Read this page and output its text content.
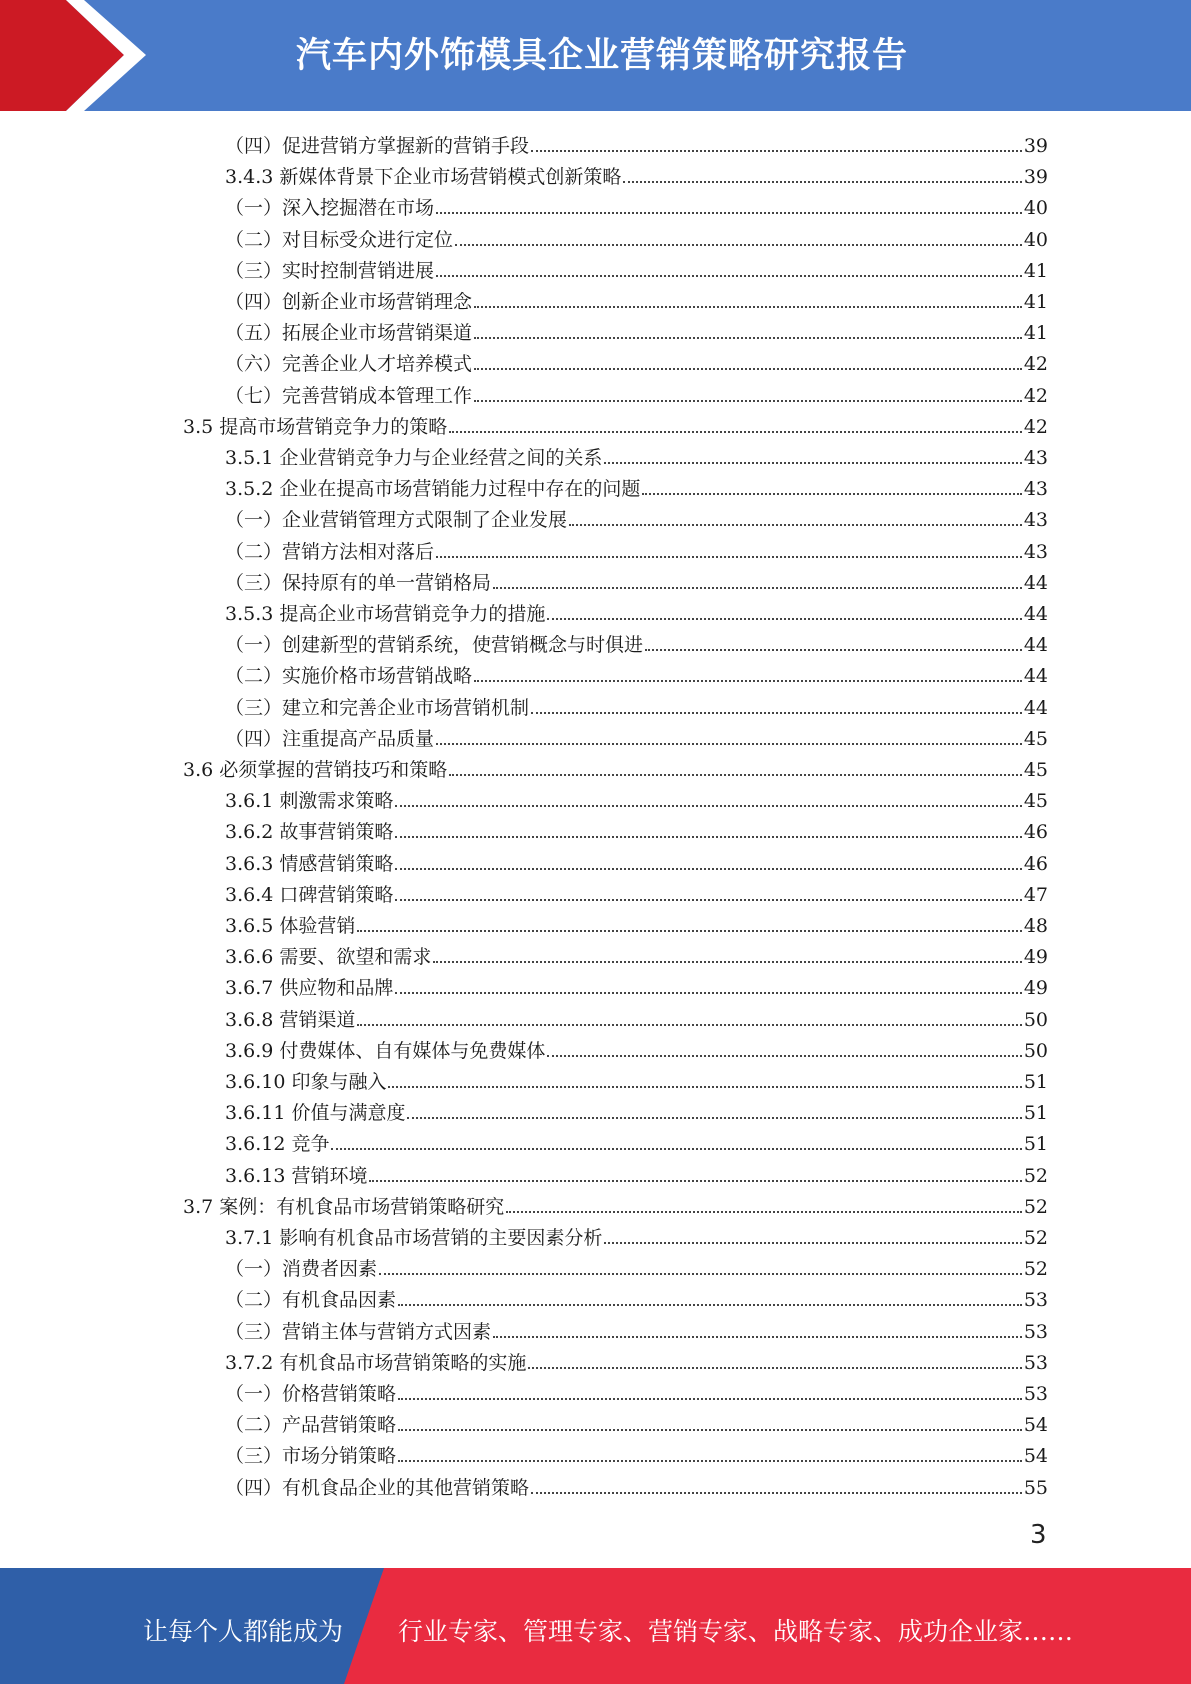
汽车内外饰模具企业营销策略研究报告
（四）促进营销方掌握新的营销手段	39
3.4.3 新媒体背景下企业市场营销模式创新策略	39
（一）深入挖掘潜在市场	40
（二）对目标受众进行定位	40
（三）实时控制营销进展	41
（四）创新企业市场营销理念	41
（五）拓展企业市场营销渠道	41
（六）完善企业人才培养模式	42
（七）完善营销成本管理工作	42
3.5 提高市场营销竞争力的策略	42
3.5.1 企业营销竞争力与企业经营之间的关系	43
3.5.2 企业在提高市场营销能力过程中存在的问题	43
（一）企业营销管理方式限制了企业发展	43
（二）营销方法相对落后	43
（三）保持原有的单一营销格局	44
3.5.3 提高企业市场营销竞争力的措施	44
（一）创建新型的营销系统，使营销概念与时俱进	44
（二）实施价格市场营销战略	44
（三）建立和完善企业市场营销机制	44
（四）注重提高产品质量	45
3.6 必须掌握的营销技巧和策略	45
3.6.1 刺激需求策略	45
3.6.2 故事营销策略	46
3.6.3 情感营销策略	46
3.6.4 口碑营销策略	47
3.6.5 体验营销	48
3.6.6 需要、欲望和需求	49
3.6.7 供应物和品牌	49
3.6.8 营销渠道	50
3.6.9 付费媒体、自有媒体与免费媒体	50
3.6.10 印象与融入	51
3.6.11 价值与满意度	51
3.6.12 竞争	51
3.6.13 营销环境	52
3.7 案例：有机食品市场营销策略研究	52
3.7.1 影响有机食品市场营销的主要因素分析	52
（一）消费者因素	52
（二）有机食品因素	53
（三）营销主体与营销方式因素	53
3.7.2 有机食品市场营销策略的实施	53
（一）价格营销策略	53
（二）产品营销策略	54
（三）市场分销策略	54
（四）有机食品企业的其他营销策略	55
3
让每个人都能成为 行业专家、管理专家、营销专家、战略专家、成功企业家……
